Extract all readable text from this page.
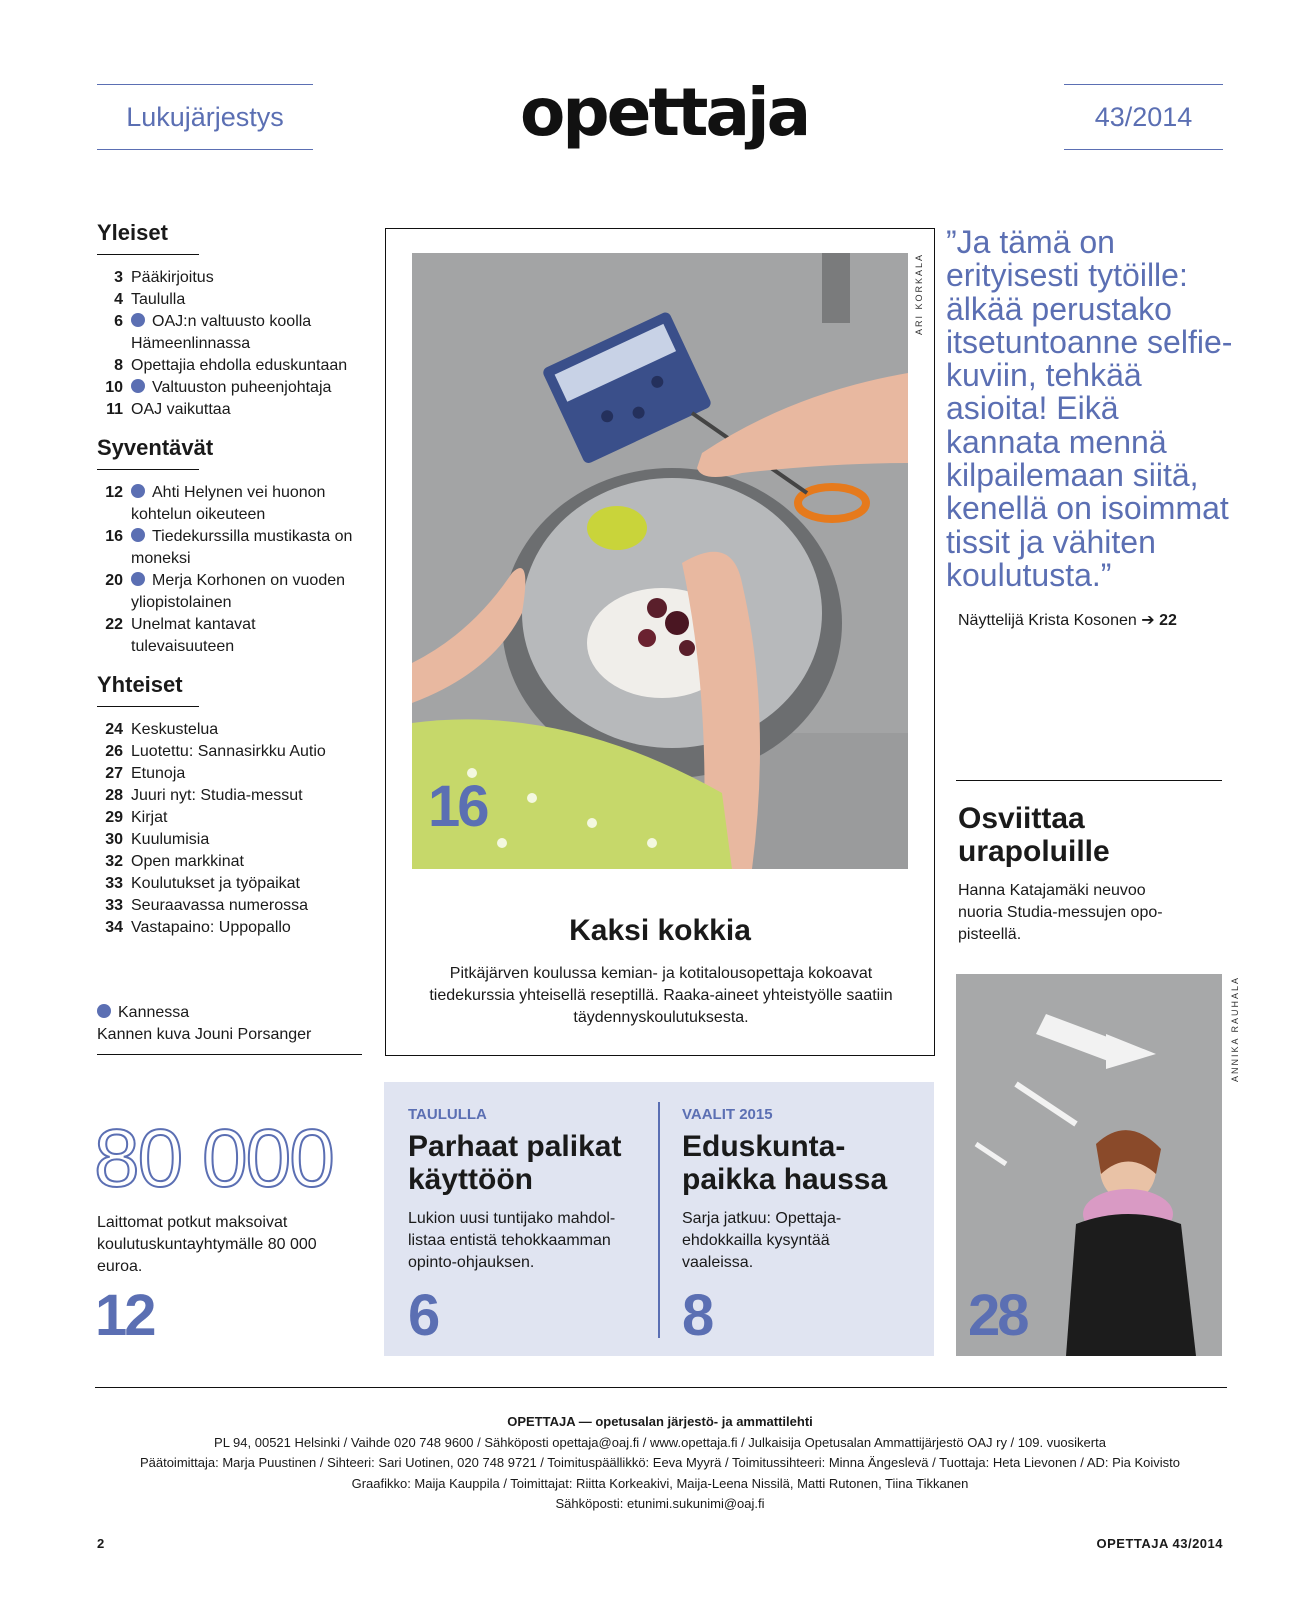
Lukujärjestys	opettaja	43/2014
Yleiset
3 Pääkirjoitus
4 Taululla
6	OAJ:n valtuusto koolla Hämeenlinnassa
8 Opettajia ehdolla eduskuntaan
10	Valtuuston puheenjohtaja
11 OAJ vaikuttaa
Syventävät
12	Ahti Helynen vei huonon kohtelun oikeuteen
16	Tiedekurssilla mustikasta on moneksi
20	Merja Korhonen on vuoden yliopistolainen
22 Unelmat kantavat tulevaisuuteen
Yhteiset
24 Keskustelua
26 Luotettu: Sannasirkku Autio
27 Etunoja
28 Juuri nyt: Studia-messut
29 Kirjat
30 Kuulumisia
32 Open markkinat
33 Koulutukset ja työpaikat
33 Seuraavassa numerossa
34 Vastapaino: Uppopallo
Kannessa
Kannen kuva Jouni Porsanger
ARI KORKALA
16
Kaksi kokkia
Pitkäjärven koulussa kemian- ja kotitalousopettaja kokoavat tiedekurssia yhteisellä reseptillä. Raaka-aineet yhteistyölle saatiin täydennyskoulutuksesta.
”Ja tämä on erityisesti tytöille: älkää perustako itsetuntoanne selfie-kuviin, tehkää asioita! Eikä kannata mennä kilpailemaan siitä, kenellä on isoimmat tissit ja vähiten koulutusta.”
Näyttelijä Krista Kosonen ➔ 22
Osviittaa urapoluille
Hanna Katajamäki neuvoo nuoria Studia-messujen opo-pisteellä.
ANNIKA RAUHALA
28
80 000
Laittomat potkut maksoivat koulutuskuntayhtymälle 80 000 euroa.
12
TAULULLA
Parhaat palikat käyttöön
Lukion uusi tuntijako mahdol- listaa entistä tehokkaamman opinto-ohjauksen.
6
VAALIT 2015
Eduskunta- paikka haussa
Sarja jatkuu: Opettaja- ehdokkailla kysyntää vaaleissa.
8
OPETTAJA — opetusalan järjestö- ja ammattilehti
PL 94, 00521 Helsinki / Vaihde 020 748 9600 / Sähköposti opettaja@oaj.fi / www.opettaja.fi / Julkaisija Opetusalan Ammattijärjestö OAJ ry / 109. vuosikerta
Päätoimittaja: Marja Puustinen / Sihteeri: Sari Uotinen, 020 748 9721 / Toimituspäällikkö: Eeva Myyrä / Toimitussihteeri: Minna Ängeslevä / Tuottaja: Heta Lievonen / AD: Pia Koivisto
Graafikko: Maija Kauppila / Toimittajat: Riitta Korkeakivi, Maija-Leena Nissilä, Matti Rutonen, Tiina Tikkanen
Sähköposti: etunimi.sukunimi@oaj.fi
2	OPETTAJA 43/2014
